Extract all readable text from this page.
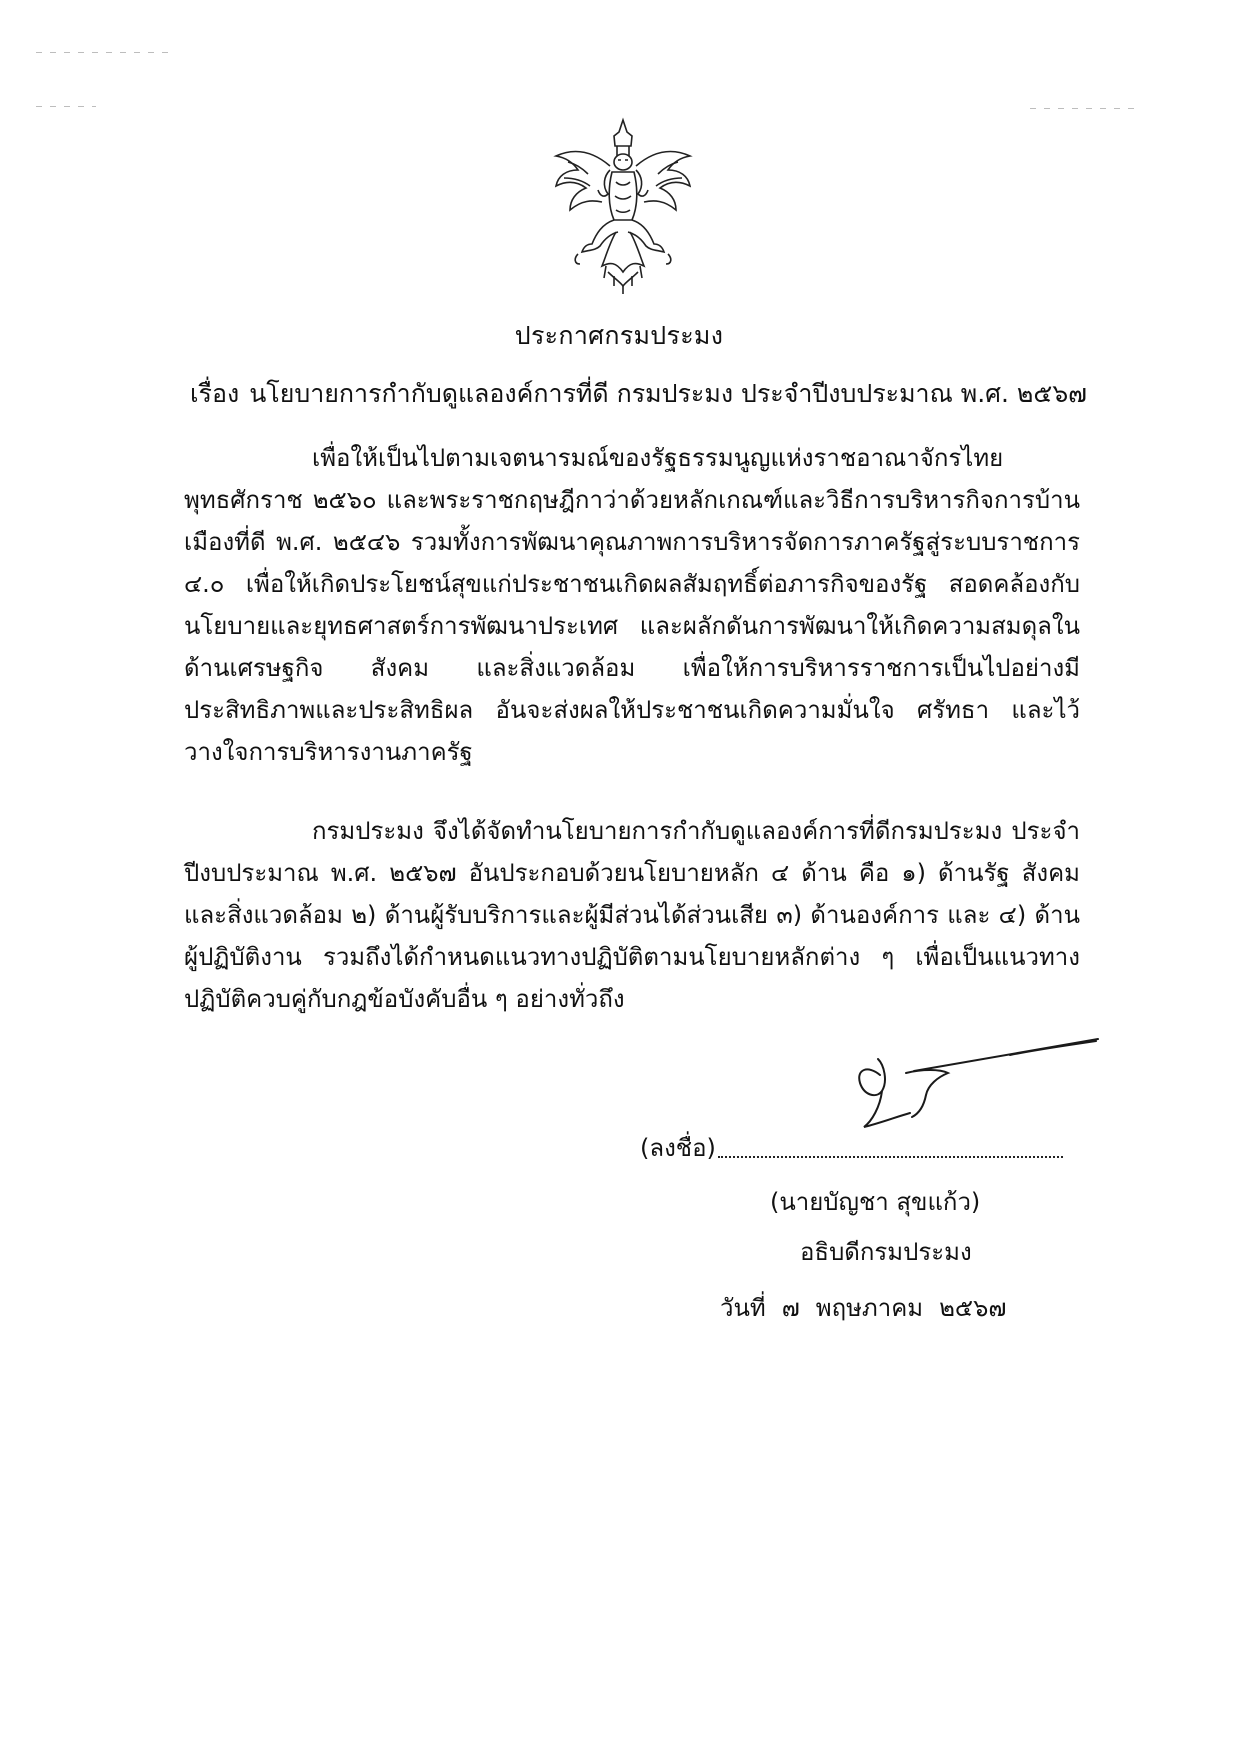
ประกาศกรมประมง
เรื่อง นโยบายการกำกับดูแลองค์การที่ดี กรมประมง ประจำปีงบประมาณ พ.ศ. ๒๕๖๗

เพื่อให้เป็นไปตามเจตนารมณ์ของรัฐธรรมนูญแห่งราชอาณาจักรไทย พุทธศักราช ๒๕๖๐ และพระราชกฤษฎีกาว่าด้วยหลักเกณฑ์และวิธีการบริหารกิจการบ้านเมืองที่ดี พ.ศ. ๒๕๔๖ รวมทั้งการพัฒนาคุณภาพการบริหารจัดการภาครัฐสู่ระบบราชการ ๔.๐ เพื่อให้เกิดประโยชน์สุขแก่ประชาชนเกิดผลสัมฤทธิ์ต่อภารกิจของรัฐ สอดคล้องกับนโยบายและยุทธศาสตร์การพัฒนาประเทศ และผลักดันการพัฒนาให้เกิดความสมดุลในด้านเศรษฐกิจ สังคม และสิ่งแวดล้อม เพื่อให้การบริหารราชการเป็นไปอย่างมีประสิทธิภาพและประสิทธิผล อันจะส่งผลให้ประชาชนเกิดความมั่นใจ ศรัทธา และไว้วางใจการบริหารงานภาครัฐ

กรมประมง จึงได้จัดทำนโยบายการกำกับดูแลองค์การที่ดีกรมประมง ประจำปีงบประมาณ พ.ศ. ๒๕๖๗ อันประกอบด้วยนโยบายหลัก ๔ ด้าน คือ ๑) ด้านรัฐ สังคมและสิ่งแวดล้อม ๒) ด้านผู้รับบริการและผู้มีส่วนได้ส่วนเสีย ๓) ด้านองค์การ และ ๔) ด้านผู้ปฏิบัติงาน รวมถึงได้กำหนดแนวทางปฏิบัติตามนโยบายหลักต่าง ๆ เพื่อเป็นแนวทางปฏิบัติควบคู่กับกฎข้อบังคับอื่น ๆ อย่างทั่วถึง

(ลงชื่อ)
(นายบัญชา สุขแก้ว)
อธิบดีกรมประมง
วันที่ ๗ พฤษภาคม ๒๕๖๗
